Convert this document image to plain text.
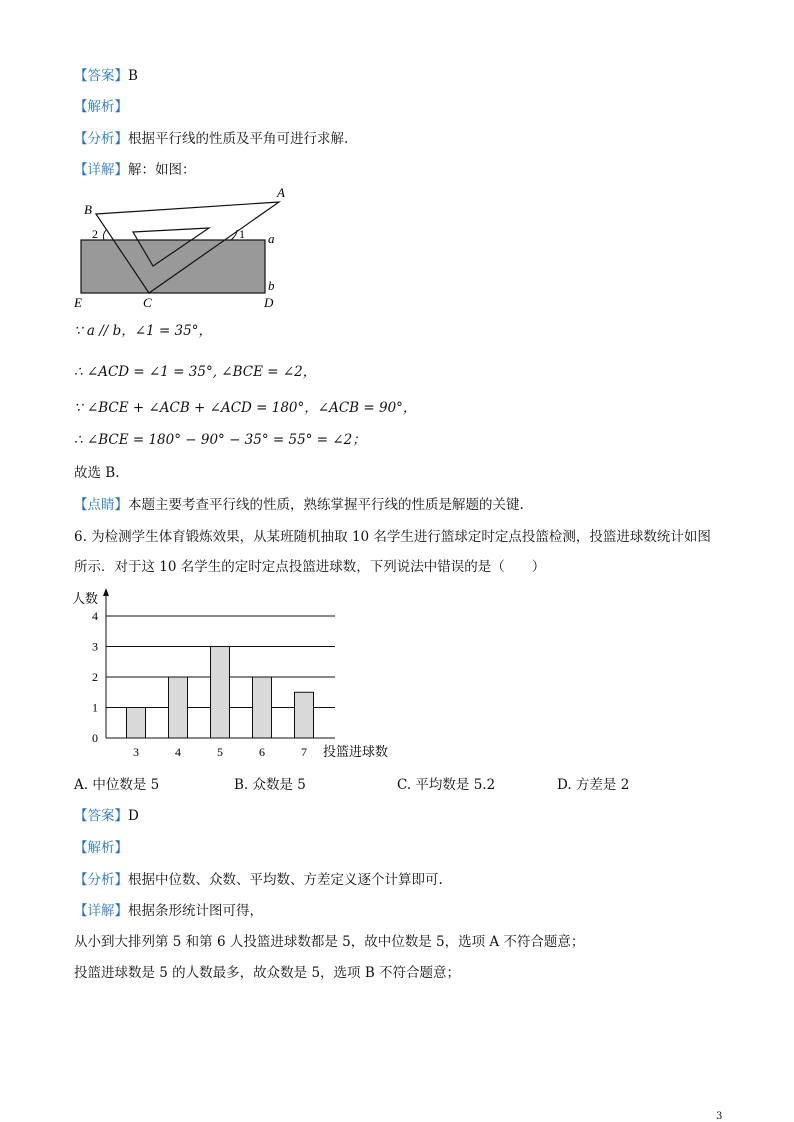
【答案】B
【解析】
【分析】根据平行线的性质及平角可进行求解.
【详解】解：如图：
A
B
a
b
E	C	D
1
2
∵ a // b，∠1 = 35°，
∴ ∠ACD = ∠1 = 35°, ∠BCE = ∠2，
∵ ∠BCE + ∠ACB + ∠ACD = 180°，∠ACB = 90°，
∴ ∠BCE = 180° − 90° − 35° = 55° = ∠2；
故选 B.
【点睛】本题主要考查平行线的性质，熟练掌握平行线的性质是解题的关键.
6. 为检测学生体育锻炼效果，从某班随机抽取 10 名学生进行篮球定时定点投篮检测，投篮进球数统计如图
所示．对于这 10 名学生的定时定点投篮进球数，下列说法中错误的是（　　）
0
1
2
3
4
3	4	5	6	7
人数
投篮进球数
A. 中位数是 5	B. 众数是 5	C. 平均数是 5.2	D. 方差是 2
【答案】D
【解析】
【分析】根据中位数、众数、平均数、方差定义逐个计算即可.
【详解】根据条形统计图可得，
从小到大排列第 5 和第 6 人投篮进球数都是 5，故中位数是 5，选项 A 不符合题意；
投篮进球数是 5 的人数最多，故众数是 5，选项 B 不符合题意；
3
